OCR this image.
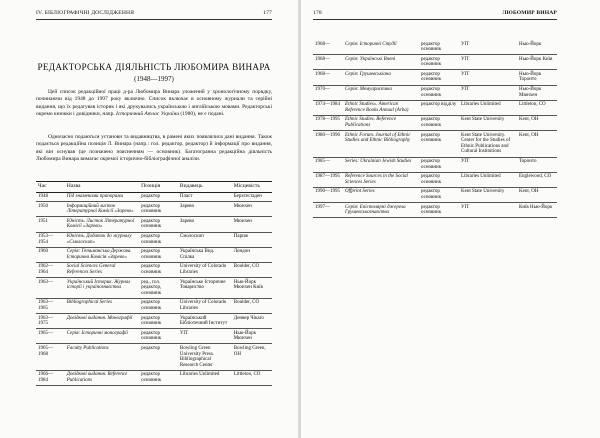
IV. БІБЛІОГРАФІЧНІ ДОСЛІДЖЕННЯ	177
РЕДАКТОРСЬКА ДІЯЛЬНІСТЬ ЛЮБОМИРА ВИНАРА
(1948—1997)

Цей список редакційної праці д-ра Любомира Винара уложений у хронологічному порядку, починаючи від 1948 до 1997 року включно. Список включає в основному журнали та серійні видання, що їх редагував історик і які друкувались українською і англійською мовами. Редакторські окремо книжки і довідники, напр. Історичний Атлас України (1980), не є подані.

Одночасно подаються установи та видавництва, в рамені яких появлялися дані видання. Також подається редакційна позиція Л. Винара (напр.: гол. редактор, редактор) й інформації про видання, які він оснував (це позначено поясненням — основник). Багатогранна редакційна діяльність Любомира Винара вимагає окремої історично-бібліографічної аналізи.

Час	Назва	Позиція	Видавець	Місцевість
1948	Під знаменами прапорами	редактор	Пласт	Берхтесґаден
1950	Інформаційний листок Літературної Комісії «Зарево»	редактор основник	Зарево	Мюнхен
1951	Юність. Листок Літературної Комісії «Зарево»	редактор основник	Зарево	Мюнхен
1953—1954	Юність. Додаток до журналу «Смолоскип»	редактор основник	Смолоскип	Париж
1960	Серія: Гетьманська Держава. Історична Комісія «Зарево»	редактор основник	Українська Вид. Спілка	Лондон
1962—1964	Social Sciences General References Series	редактор основник	University of Colorado Libraries	Boulder, CO
1963—	Український Історик. Журнал історії і українознавства	ред., гол. редактор, основник	Українське Історичне Товариство	Нью-Йорк Мюнхен Київ
1963—1965	Bibliographical Series	редактор основник	University of Colorado Libraries	Boulder, CO
1963—1975	Довідкові видання. Монографії	редактор основник	Український Бібліотечний Інститут	Денвер Чікаґо
1965—	Серія: Історичні монографії	редактор основник	УІТ	Нью-Йорк Мюнхен
1965—1968	Faculty Publications	редактор	Bowling Green University Press. Bibliographical Research Center	Bowling Green, OH
1966—1984	Довідкові видання. Reference Publications	редактор основник	Libraries Unlimited	Littleton, CO
178	ЛЮБОМИР ВИНАР
1968—	Серія: Історичні Студії	редактор основник	УІТ	Нью-Йорк
1968—	Серія: Українські Вчені	редактор основник	УІТ	Нью-Йорк Київ
1968—	Серія: Грушевськіана	редактор основник	УІТ	Нью-Йорк Торонто
1970—	Серія: Мемуаристика	редактор основник	УІТ	Нью-Йорк Мюнхен
1974—1984	Ethnic Studies». American Reference Books Annual (Arba)	редактор відділу	Libraries Unlimited	Littleton, CO
1978—1995	Ethnic Studies. Reference Publications	редактор основник	Kent State University	Kent, OH
1980—1996	Ethnic Forum. Journal of Ethnic Studies and Ethnic Bibliography	редактор основник	Kent State University. Center for the Studies of Ethnic Publications and Cultural Institutions	Kent, OH
1985—	Series: Ukrainian Jewish Studies	редактор основник	УІТ	Торонто
1987—1995	Reference Sources in the Social Sciences Series	редактор основник	Libraries Unlimited	Englewood, CO
1990—1995	Offprint Series	редактор основник	Kent State University	Kent, OH
1997—	Серія: Епістолярні джерела Грушевськознавства	редактор основник	УІТ	Київ Нью-Йорк
